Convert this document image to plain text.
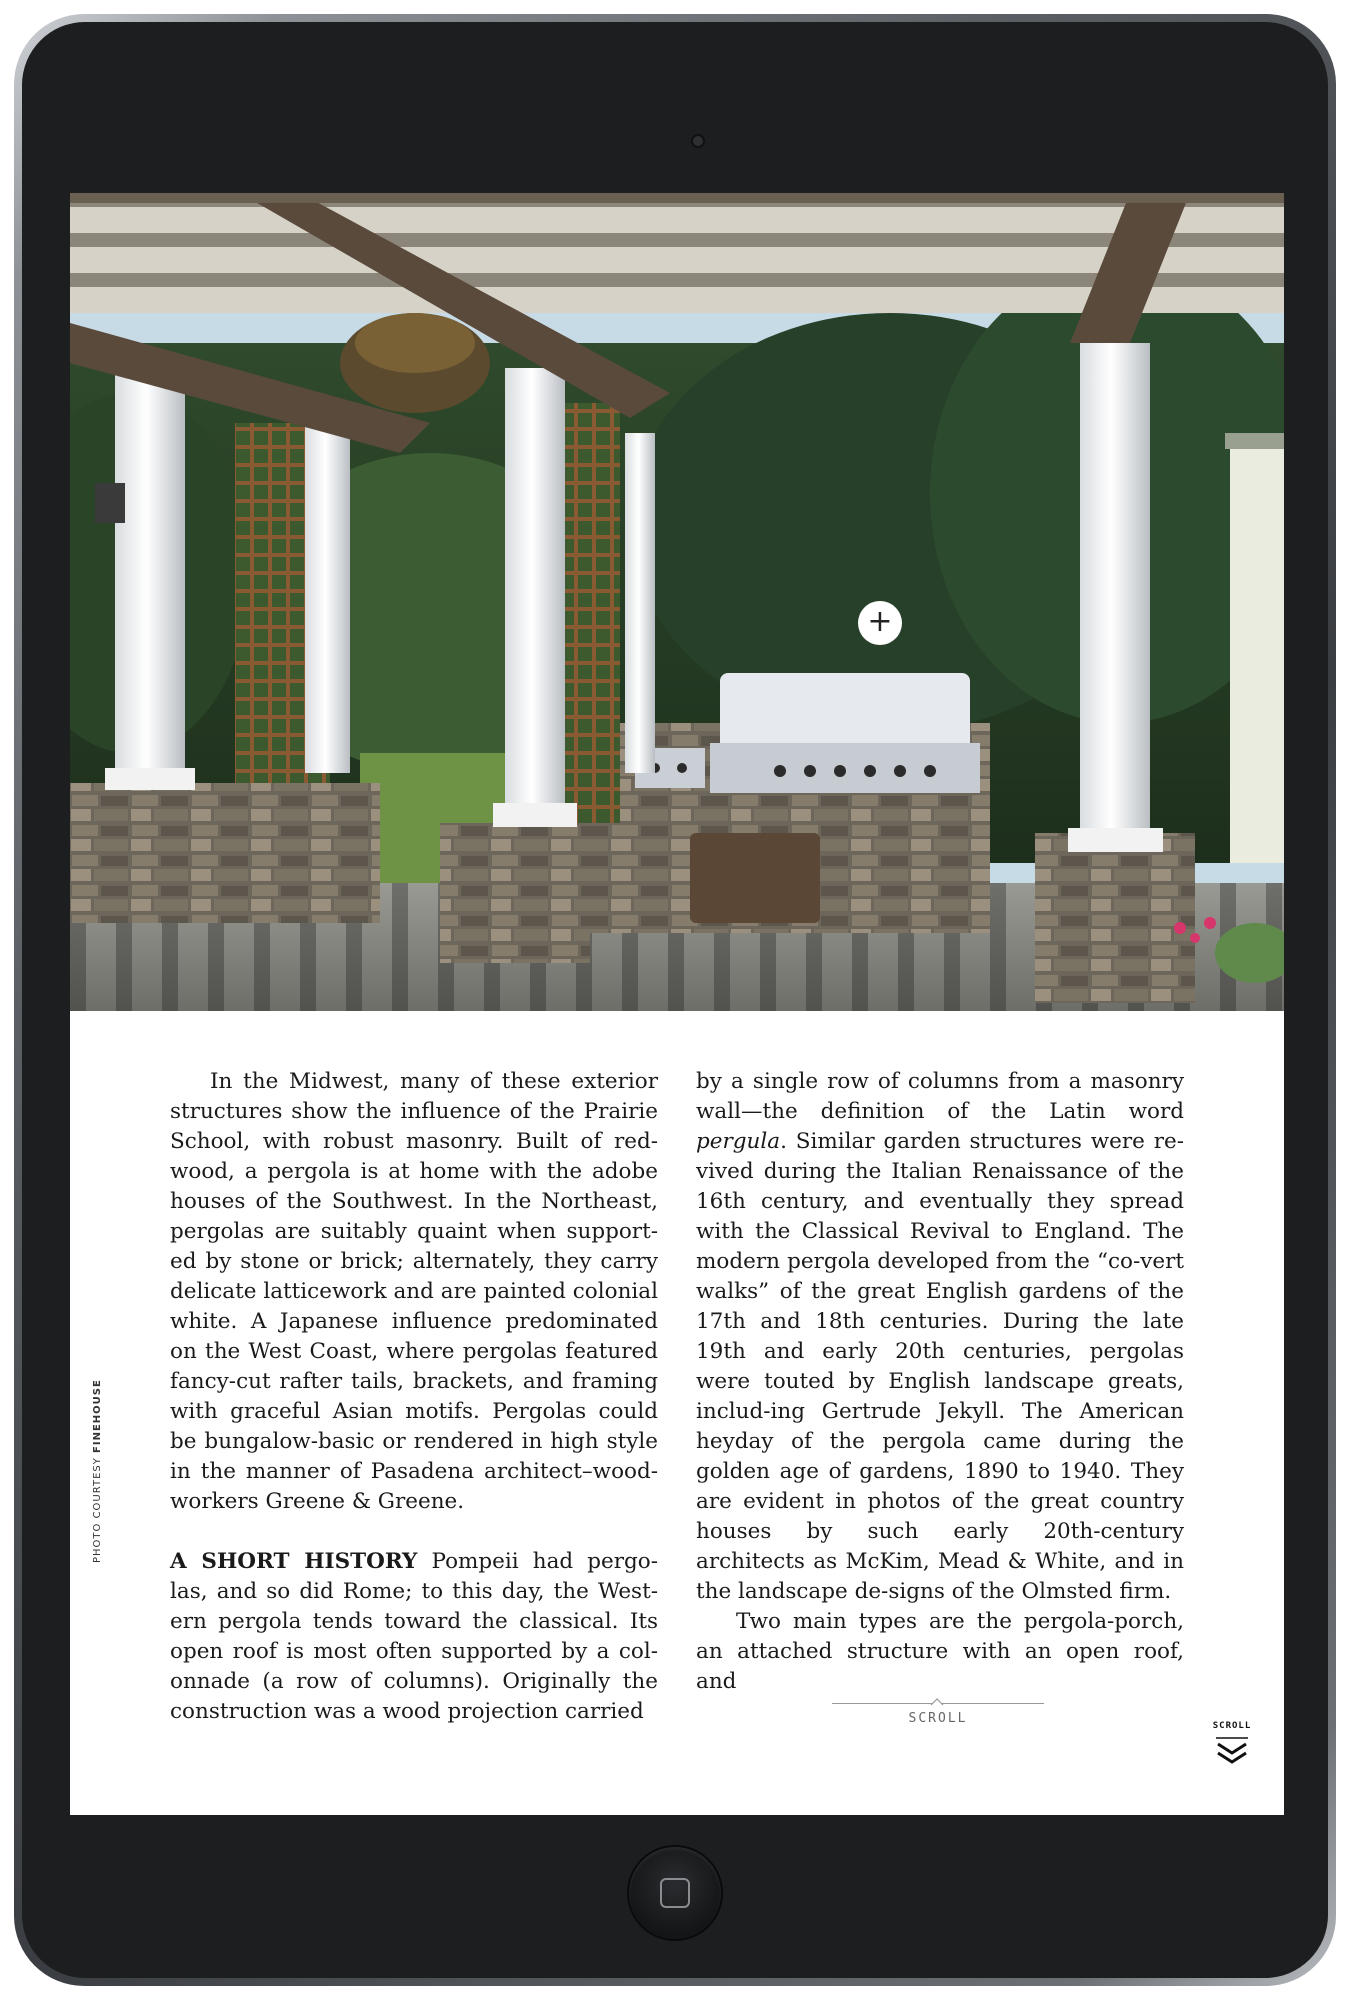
+

In the Midwest, many of these exterior structures show the influence of the Prairie School, with robust masonry. Built of red-wood, a pergola is at home with the adobe houses of the Southwest. In the Northeast, pergolas are suitably quaint when support-ed by stone or brick; alternately, they carry delicate latticework and are painted colonial white. A Japanese influence predominated on the West Coast, where pergolas featured fancy-cut rafter tails, brackets, and framing with graceful Asian motifs. Pergolas could be bungalow-basic or rendered in high style in the manner of Pasadena architect–wood-workers Greene & Greene.

A SHORT HISTORY Pompeii had pergo-las, and so did Rome; to this day, the West-ern pergola tends toward the classical. Its open roof is most often supported by a col-onnade (a row of columns). Originally the construction was a wood projection carried

by a single row of columns from a masonry wall—the definition of the Latin word pergula. Similar garden structures were re-vived during the Italian Renaissance of the 16th century, and eventually they spread with the Classical Revival to England. The modern pergola developed from the “co-vert walks” of the great English gardens of the 17th and 18th centuries. During the late 19th and early 20th centuries, pergolas were touted by English landscape greats, includ-ing Gertrude Jekyll. The American heyday of the pergola came during the golden age of gardens, 1890 to 1940. They are evident in photos of the great country houses by such early 20th-century architects as McKim, Mead & White, and in the landscape de-signs of the Olmsted firm.

Two main types are the pergola-porch, an attached structure with an open roof, and

PHOTO COURTESY FINEHOUSE
SCROLL	SCROLL
